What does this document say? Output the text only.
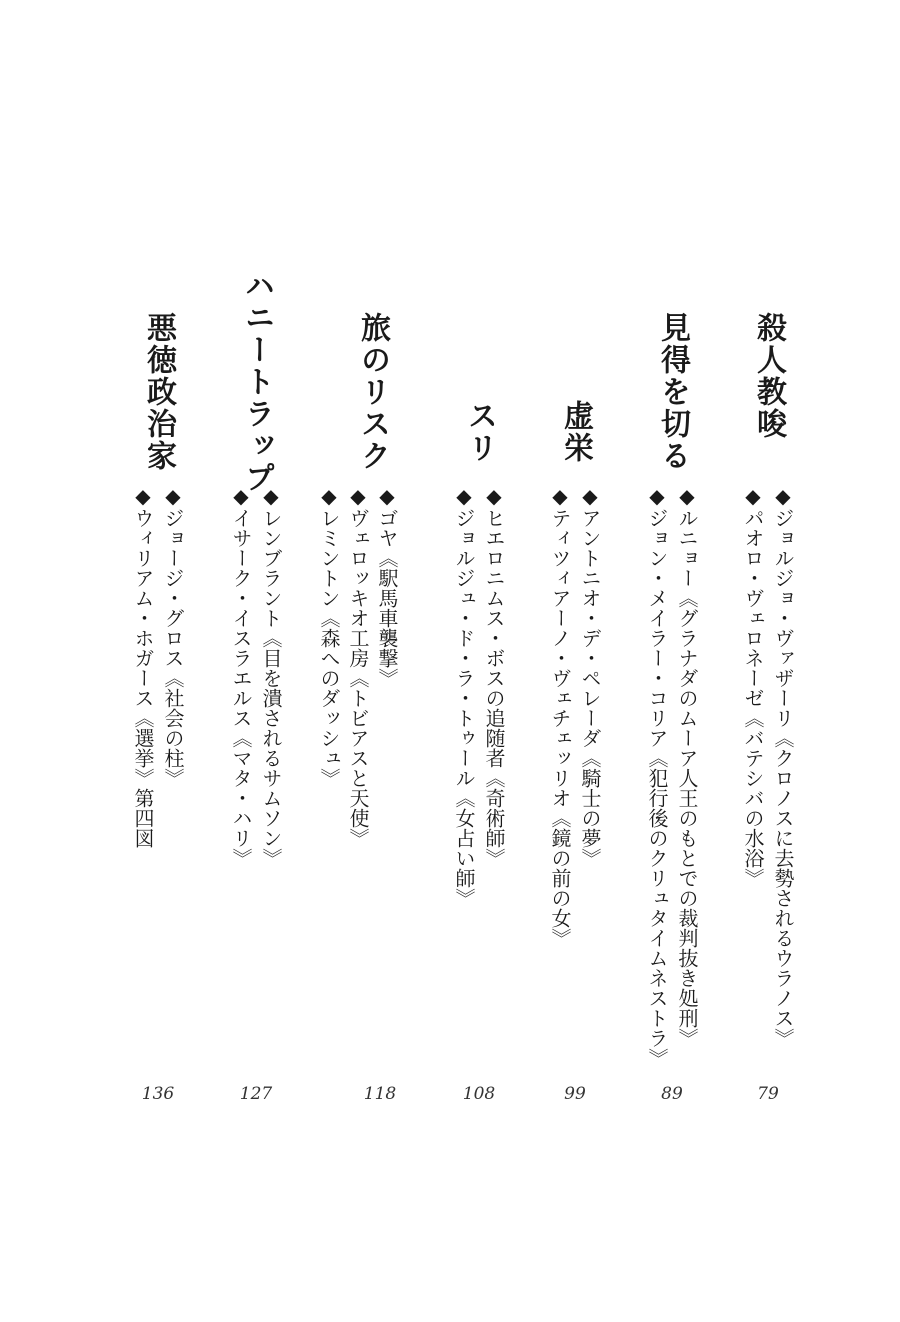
殺人教唆
◆ジョルジョ・ヴァザーリ《クロノスに去勢されるウラノス》
◆パオロ・ヴェロネーゼ《バテシバの水浴》
79
見得を切る
◆ルニョー《グラナダのムーア人王のもとでの裁判抜き処刑》
◆ジョン・メイラー・コリア《犯行後のクリュタイムネストラ》
89
虚栄
◆アントニオ・デ・ペレーダ《騎士の夢》
◆ティツィアーノ・ヴェチェッリオ《鏡の前の女》
99
スリ
◆ヒエロニムス・ボスの追随者《奇術師》
◆ジョルジュ・ド・ラ・トゥール《女占い師》
108
旅のリスク
◆ゴヤ《駅馬車襲撃》
◆ヴェロッキオ工房《トビアスと天使》
◆レミントン《森へのダッシュ》
118
ハニートラップ
◆レンブラント《目を潰されるサムソン》
◆イサーク・イスラエルス《マタ・ハリ》
127
悪徳政治家
◆ジョージ・グロス《社会の柱》
◆ウィリアム・ホガース《選挙》第四図
136
